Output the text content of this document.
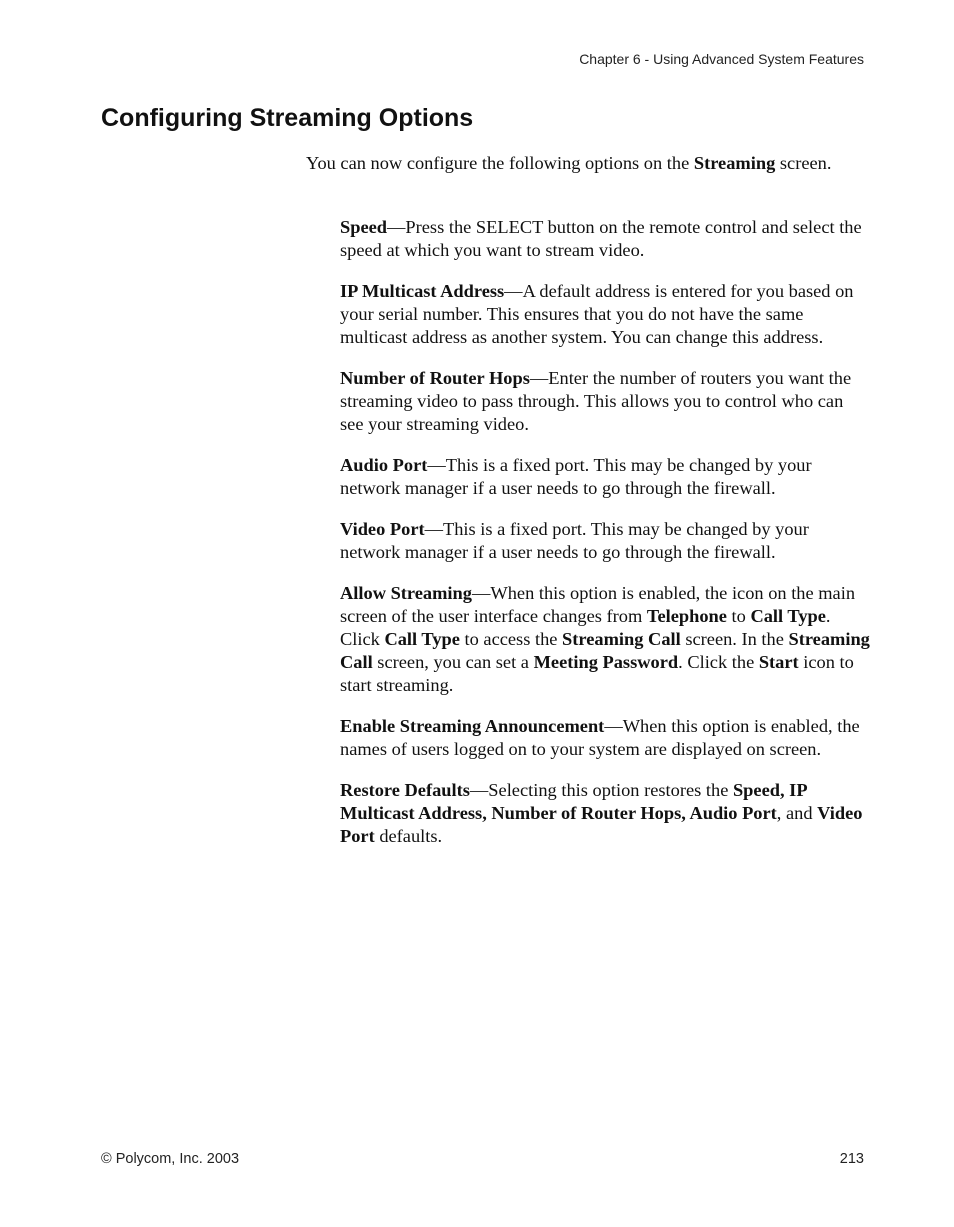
Chapter 6 - Using Advanced System Features
Configuring Streaming Options

You can now configure the following options on the Streaming screen.

Speed—Press the SELECT button on the remote control and select the speed at which you want to stream video.

IP Multicast Address—A default address is entered for you based on your serial number. This ensures that you do not have the same multicast address as another system. You can change this address.

Number of Router Hops—Enter the number of routers you want the streaming video to pass through. This allows you to control who can see your streaming video.

Audio Port—This is a fixed port. This may be changed by your network manager if a user needs to go through the firewall.

Video Port—This is a fixed port. This may be changed by your network manager if a user needs to go through the firewall.

Allow Streaming—When this option is enabled, the icon on the main screen of the user interface changes from Telephone to Call Type. Click Call Type to access the Streaming Call screen. In the Streaming Call screen, you can set a Meeting Password. Click the Start icon to start streaming.

Enable Streaming Announcement—When this option is enabled, the names of users logged on to your system are displayed on screen.

Restore Defaults—Selecting this option restores the Speed, IP Multicast Address, Number of Router Hops, Audio Port, and Video Port defaults.

© Polycom, Inc. 2003	213
